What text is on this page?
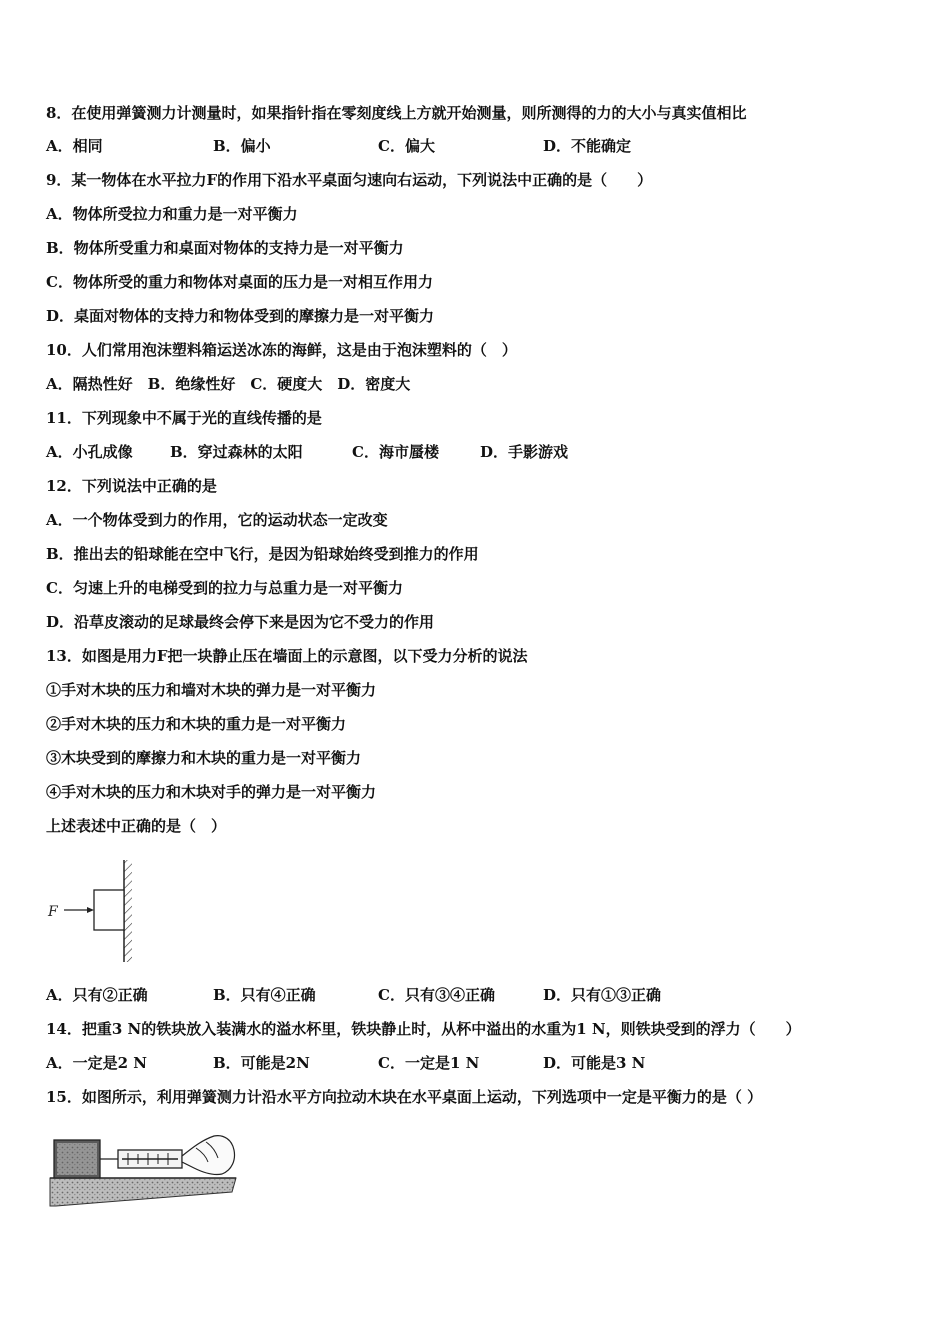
8．在使用弹簧测力计测量时，如果指针指在零刻度线上方就开始测量，则所测得的力的大小与真实值相比
A．相同	B．偏小	C．偏大	D．不能确定
9．某一物体在水平拉力F的作用下沿水平桌面匀速向右运动，下列说法中正确的是（　　）
A．物体所受拉力和重力是一对平衡力
B．物体所受重力和桌面对物体的支持力是一对平衡力
C．物体所受的重力和物体对桌面的压力是一对相互作用力
D．桌面对物体的支持力和物体受到的摩擦力是一对平衡力
10．人们常用泡沫塑料箱运送冰冻的海鲜，这是由于泡沫塑料的（　）
A．隔热性好　B．绝缘性好　C．硬度大　D．密度大
11．下列现象中不属于光的直线传播的是
A．小孔成像 B．穿过森林的太阳	C．海市蜃楼	D．手影游戏
12．下列说法中正确的是
A．一个物体受到力的作用，它的运动状态一定改变
B．推出去的铅球能在空中飞行，是因为铅球始终受到推力的作用
C．匀速上升的电梯受到的拉力与总重力是一对平衡力
D．沿草皮滚动的足球最终会停下来是因为它不受力的作用
13．如图是用力F把一块静止压在墙面上的示意图，以下受力分析的说法
①手对木块的压力和墙对木块的弹力是一对平衡力
②手对木块的压力和木块的重力是一对平衡力
③木块受到的摩擦力和木块的重力是一对平衡力
④手对木块的压力和木块对手的弹力是一对平衡力
上述表述中正确的是（　）
F
A．只有②正确	B．只有④正确	C．只有③④正确	D．只有①③正确
14．把重3 N的铁块放入装满水的溢水杯里，铁块静止时，从杯中溢出的水重为1 N，则铁块受到的浮力（　　）
A．一定是2 N	B．可能是2N	C．一定是1 N	D．可能是3 N
15．如图所示，利用弹簧测力计沿水平方向拉动木块在水平桌面上运动，下列选项中一定是平衡力的是（ ）
